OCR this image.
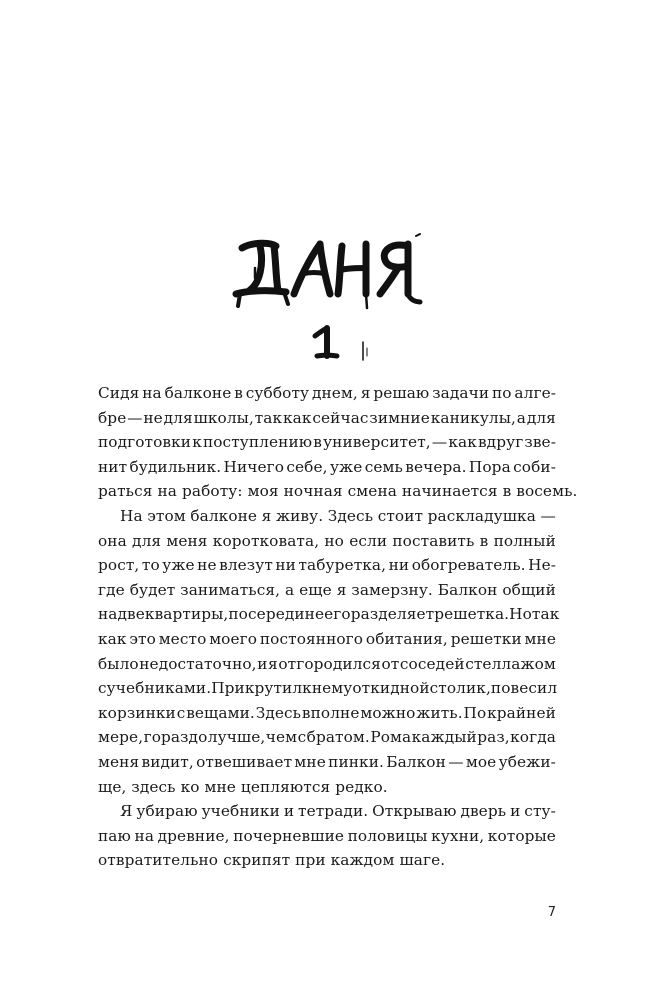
Сидя на балконе в субботу днем, я решаю задачи по алге-
бре — не для школы, так как сейчас зимние каникулы, а для
подготовки к поступлению в университет, — как вдруг зве-
нит будильник. Ничего себе, уже семь вечера. Пора соби-
раться на работу: моя ночная смена начинается в восемь.
На этом балконе я живу. Здесь стоит раскладушка —
она для меня коротковата, но если поставить в полный
рост, то уже не влезут ни табуретка, ни обогреватель. Не-
где будет заниматься, а еще я замерзну. Балкон общий
на две квартиры, посередине его разделяет решетка. Но так
как это место моего постоянного обитания, решетки мне
было недостаточно, и я отгородился от соседей стеллажом
с учебниками. Прикрутил к нему откидной столик, повесил
корзинки с вещами. Здесь вполне можно жить. По крайней
мере, гораздо лучше, чем с братом. Рома каждый раз, когда
меня видит, отвешивает мне пинки. Балкон — мое убежи-
ще, здесь ко мне цепляются редко.
Я убираю учебники и тетради. Открываю дверь и сту-
паю на древние, почерневшие половицы кухни, которые
отвратительно скрипят при каждом шаге.
7
